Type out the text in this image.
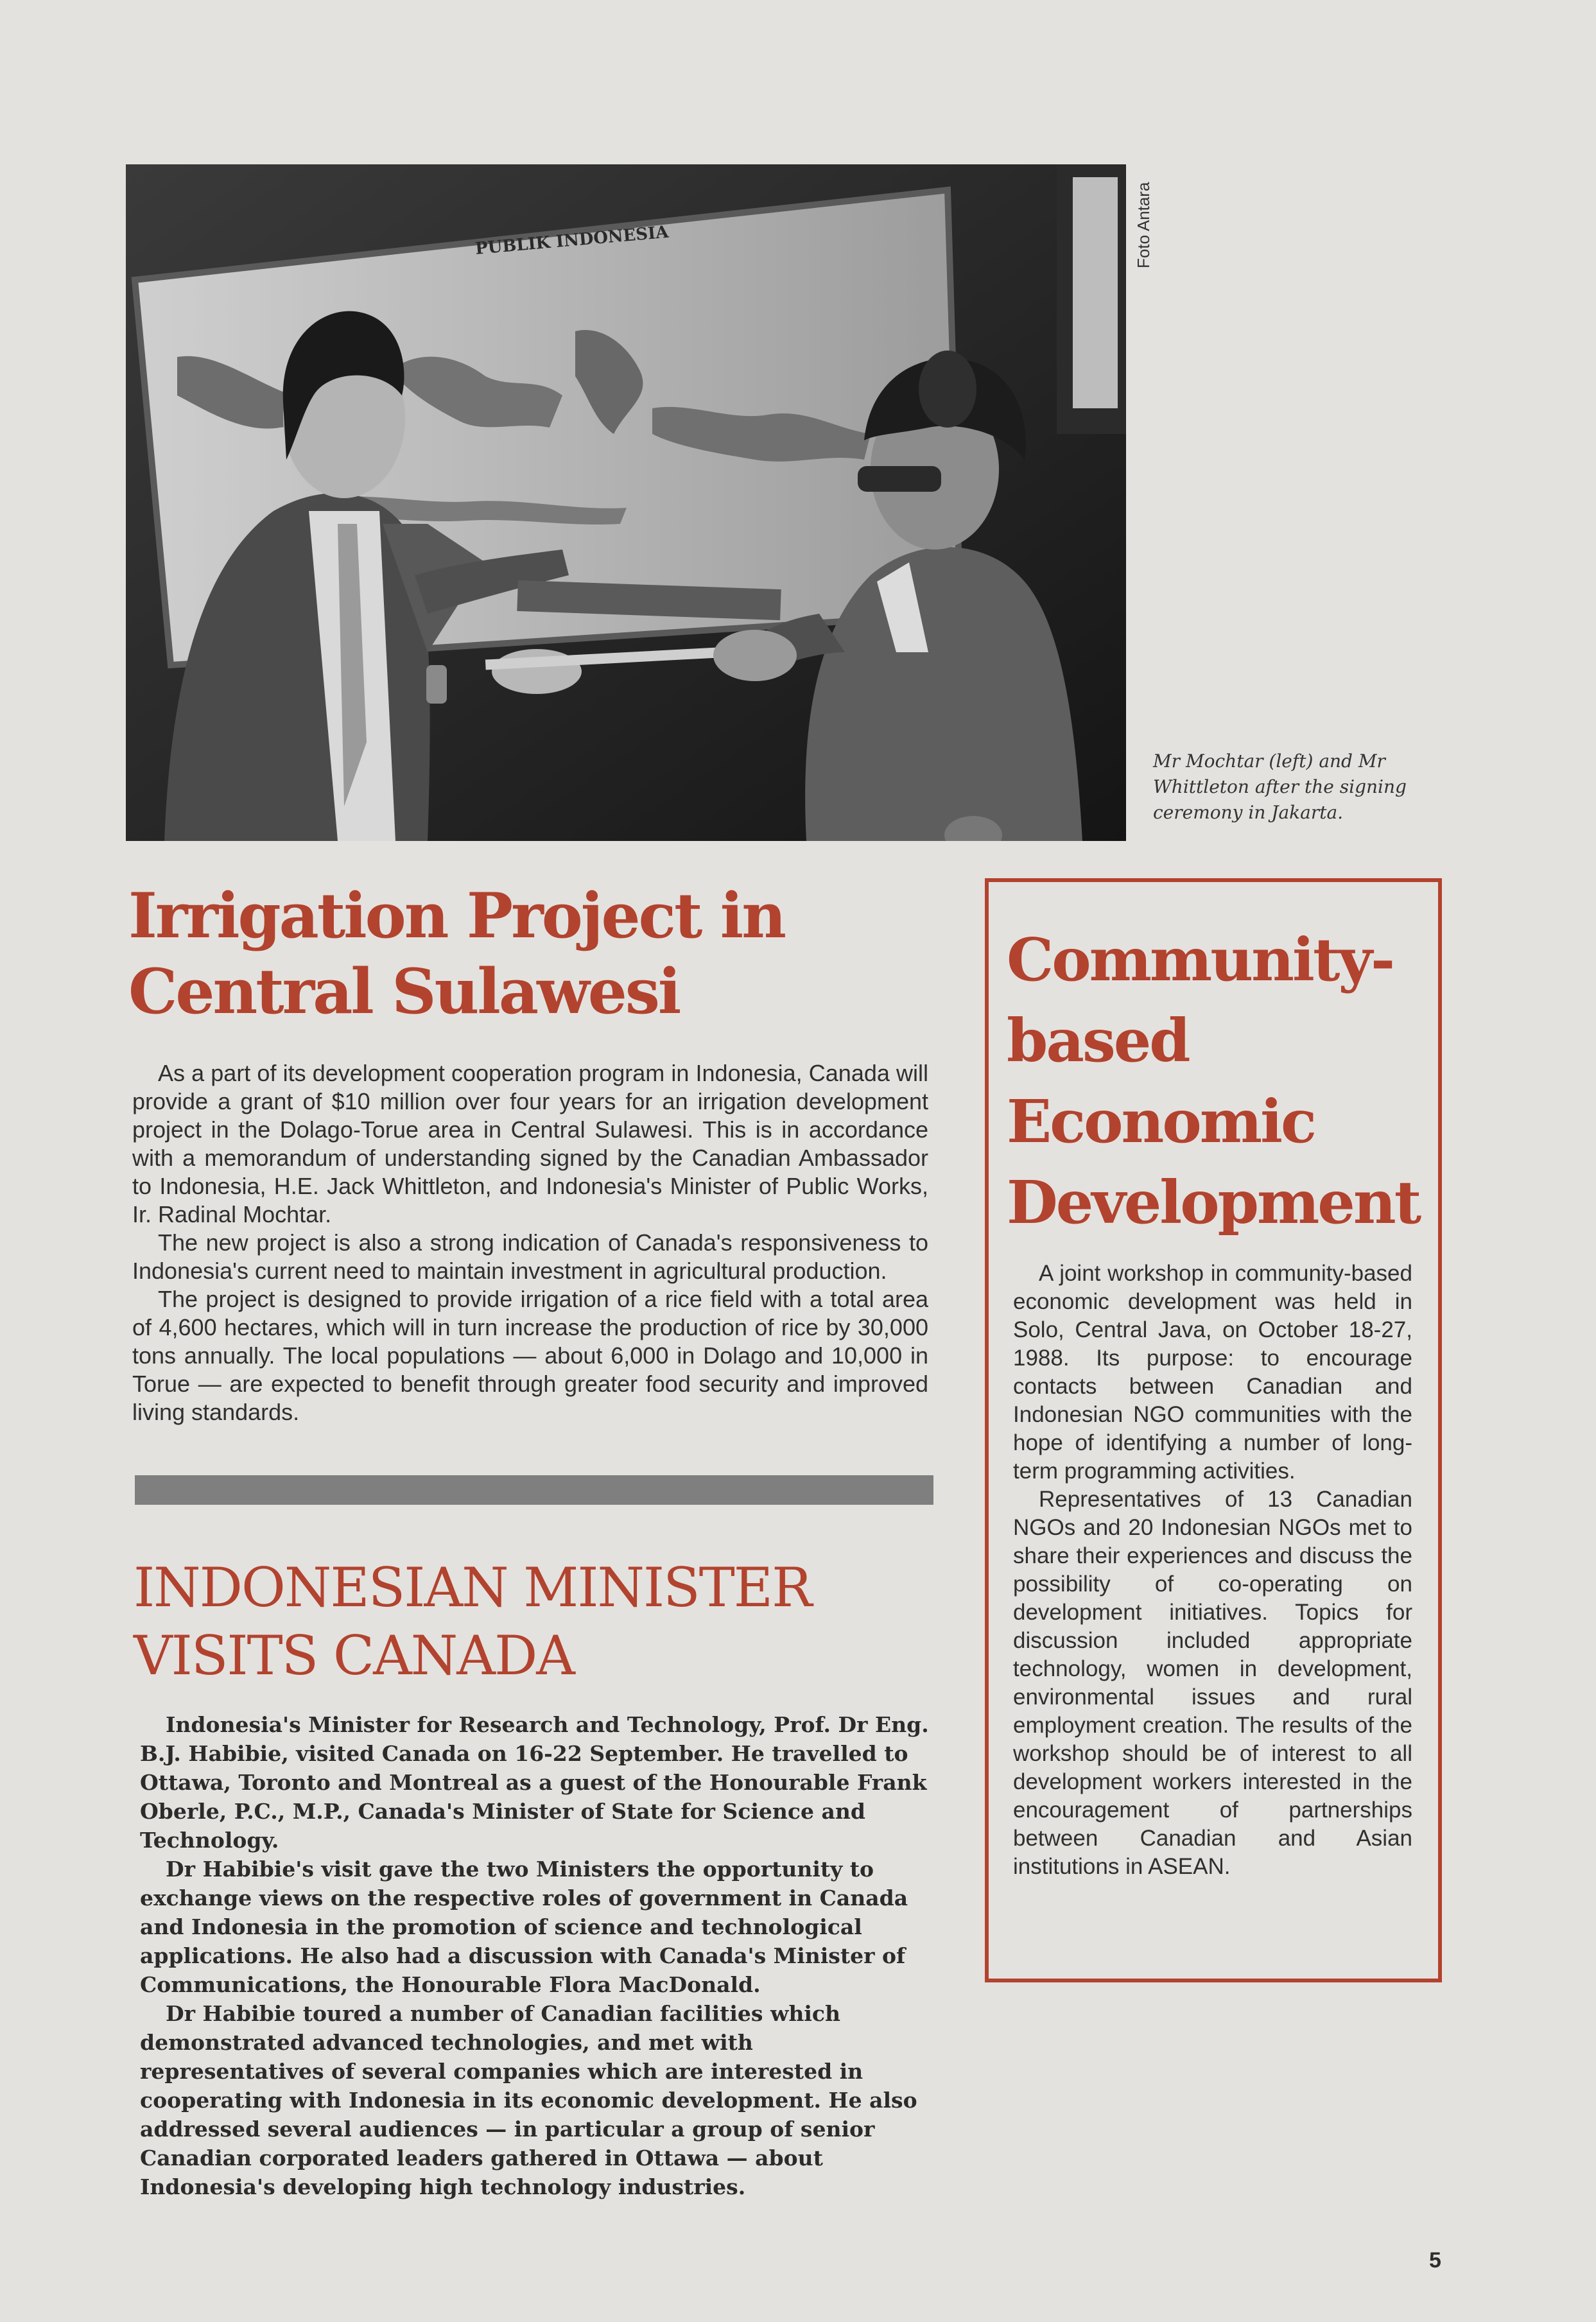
PUBLIK INDONESIA	Foto Antara
Mr Mochtar (left) and Mr Whittleton after the signing ceremony in Jakarta.
Irrigation Project in
Central Sulawesi

As a part of its development cooperation program in Indonesia, Canada will provide a grant of $10 million over four years for an irrigation development project in the Dolago-Torue area in Central Sulawesi. This is in accordance with a memorandum of understanding signed by the Canadian Ambassador to Indonesia, H.E. Jack Whittleton, and Indonesia's Minister of Public Works, Ir. Radinal Mochtar.

The new project is also a strong indication of Canada's responsiveness to Indonesia's current need to maintain investment in agricultural production.

The project is designed to provide irrigation of a rice field with a total area of 4,600 hectares, which will in turn increase the production of rice by 30,000 tons annually. The local populations — about 6,000 in Dolago and 10,000 in Torue — are expected to benefit through greater food security and improved living standards.

INDONESIAN MINISTER
VISITS CANADA

Indonesia's Minister for Research and Technology, Prof. Dr Eng. B.J. Habibie, visited Canada on 16-22 September. He travelled to Ottawa, Toronto and Montreal as a guest of the Honourable Frank Oberle, P.C., M.P., Canada's Minister of State for Science and Technology.

Dr Habibie's visit gave the two Ministers the opportunity to exchange views on the respective roles of government in Canada and Indonesia in the promotion of science and technological applications. He also had a discussion with Canada's Minister of Communications, the Honourable Flora MacDonald.

Dr Habibie toured a number of Canadian facilities which demonstrated advanced technologies, and met with representatives of several companies which are interested in cooperating with Indonesia in its economic development. He also addressed several audiences — in particular a group of senior Canadian corporated leaders gathered in Ottawa — about Indonesia's developing high technology industries.

Community-
based
Economic
Development

A joint workshop in community-based economic development was held in Solo, Central Java, on October 18-27, 1988. Its purpose: to encourage contacts between Canadian and Indonesian NGO communities with the hope of identifying a number of long-term programming activities.

Representatives of 13 Canadian NGOs and 20 Indonesian NGOs met to share their experiences and discuss the possibility of co-operating on development initiatives. Topics for discussion included appropriate technology, women in development, environmental issues and rural employment creation. The results of the workshop should be of interest to all development workers interested in the encouragement of partnerships between Canadian and Asian institutions in ASEAN.

5
